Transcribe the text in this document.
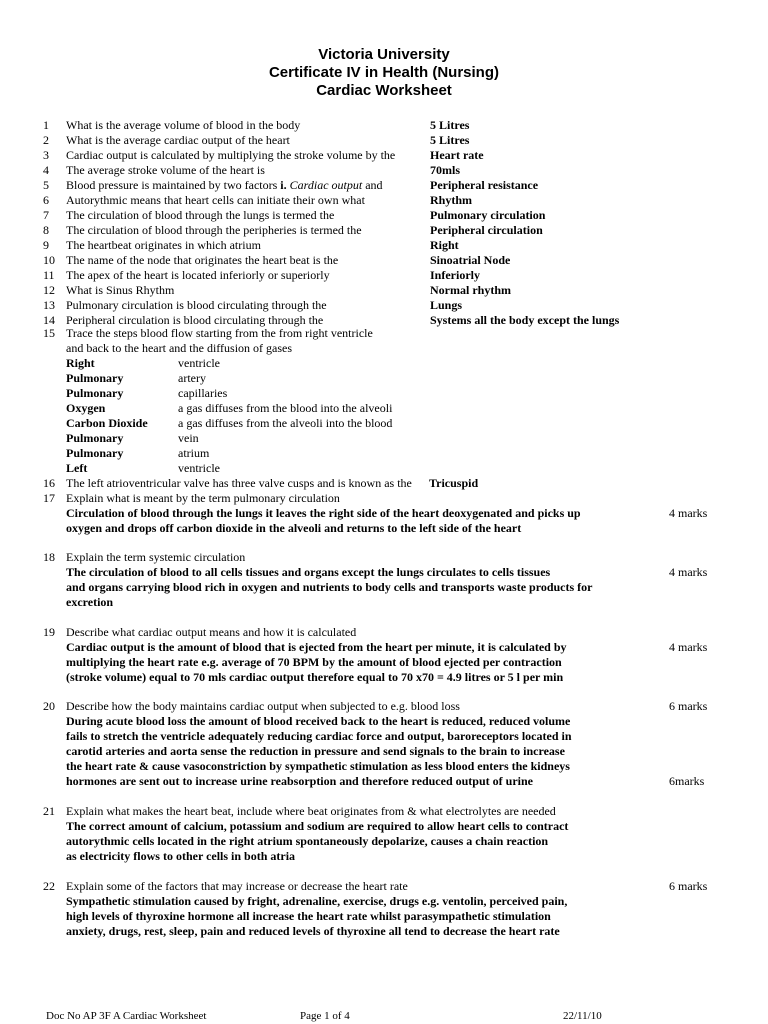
Victoria University
Certificate IV in Health (Nursing)
Cardiac Worksheet
1	What is the average volume of blood in the body	5 Litres
2	What is the average cardiac output of the heart	5 Litres
3	Cardiac output is calculated by multiplying the stroke volume by the	Heart rate
4	The average stroke volume of the heart is	70mls
5	Blood pressure is maintained by two factors i. Cardiac output and	Peripheral resistance
6	Autorythmic means that heart cells can initiate their own what	Rhythm
7	The circulation of blood through the lungs is termed the	Pulmonary circulation
8	The circulation of blood through the peripheries is termed the	Peripheral circulation
9	The heartbeat originates in which atrium	Right
10 The name of the node that originates the heart beat is the	Sinoatrial Node
11 The apex of the heart is located inferiorly or superiorly	Inferiorly
12 What is Sinus Rhythm	Normal rhythm
13 Pulmonary circulation is blood circulating through the	Lungs
14 Peripheral circulation is blood circulating through the	Systems all the body except the lungs
15 Trace the steps blood flow starting from the from right ventricle
and back to the heart and the diffusion of gases
Right	ventricle
Pulmonary	artery
Pulmonary	capillaries
Oxygen	a gas diffuses from the blood into the alveoli
Carbon Dioxide	a gas diffuses from the alveoli into the blood
Pulmonary	vein
Pulmonary	atrium
Left	ventricle
16 The left atrioventricular valve has three valve cusps and is known as the Tricuspid
17 Explain what is meant by the term pulmonary circulation
Circulation of blood through the lungs it leaves the right side of the heart deoxygenated and picks up
oxygen and drops off carbon dioxide in the alveoli and returns to the left side of the heart
4 marks
18 Explain the term systemic circulation
The circulation of blood to all cells tissues and organs except the lungs circulates to cells tissues
and organs carrying blood rich in oxygen and nutrients to body cells and transports waste products for
excretion
4 marks
19 Describe what cardiac output means and how it is calculated
Cardiac output is the amount of blood that is ejected from the heart per minute, it is calculated by
multiplying the heart rate e.g. average of 70 BPM by the amount of blood ejected per contraction
(stroke volume) equal to 70 mls cardiac output therefore equal to 70 x70 = 4.9 litres or 5 l per min
4 marks
20 Describe how the body maintains cardiac output when subjected to e.g. blood loss	6 marks
During acute blood loss the amount of blood received back to the heart is reduced, reduced volume
fails to stretch the ventricle adequately reducing cardiac force and output, baroreceptors located in
carotid arteries and aorta sense the reduction in pressure and send signals to the brain to increase
the heart rate & cause vasoconstriction by sympathetic stimulation as less blood enters the kidneys
hormones are sent out to increase urine reabsorption and therefore reduced output of urine	6marks
21 Explain what makes the heart beat, include where beat originates from & what electrolytes are needed
The correct amount of calcium, potassium and sodium are required to allow heart cells to contract
autorythmic cells located in the right atrium spontaneously depolarize, causes a chain reaction
as electricity flows to other cells in both atria
22 Explain some of the factors that may increase or decrease the heart rate	6 marks
Sympathetic stimulation caused by fright, adrenaline, exercise, drugs e.g. ventolin, perceived pain,
high levels of thyroxine hormone all increase the heart rate whilst parasympathetic stimulation
anxiety, drugs, rest, sleep, pain and reduced levels of thyroxine all tend to decrease the heart rate
Doc No AP 3F A Cardiac Worksheet	Page 1 of 4	22/11/10
